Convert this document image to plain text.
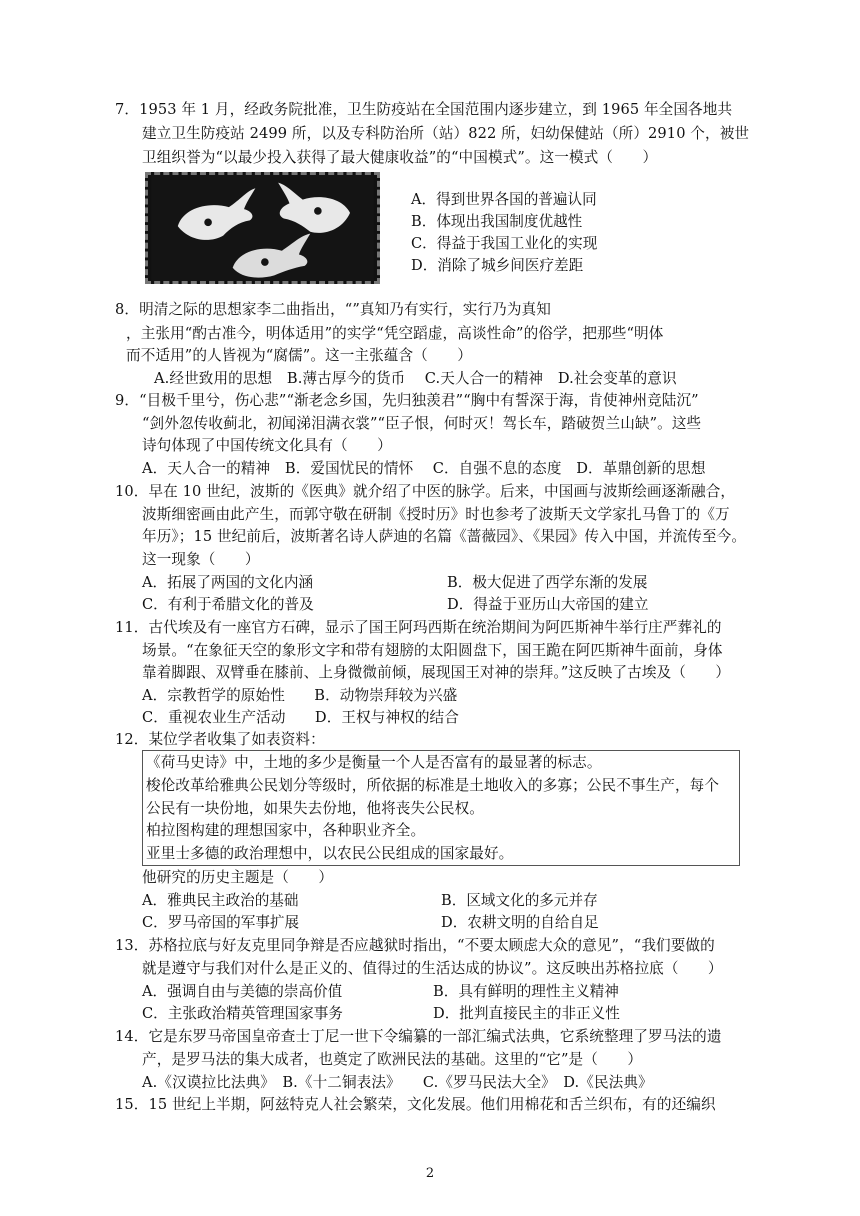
7．1953 年 1 月，经政务院批准，卫生防疫站在全国范围内逐步建立，到 1965 年全国各地共
建立卫生防疫站 2499 所，以及专科防治所（站）822 所，妇幼保健站（所）2910 个，被世
卫组织誉为“以最少投入获得了最大健康收益”的“中国模式”。这一模式（　　）
A．得到世界各国的普遍认同
B．体现出我国制度优越性
C．得益于我国工业化的实现
D．消除了城乡间医疗差距
8．明清之际的思想家李二曲指出，“”真知乃有实行，实行乃为真知
，主张用“酌古准今，明体适用”的实学“凭空蹈虚，高谈性命”的俗学，把那些“明体
而不适用”的人皆视为“腐儒”。这一主张蕴含（　　）
A.经世致用的思想　B.薄古厚今的货币　 C.天人合一的精神　D.社会变革的意识
9．“目极千里兮，伤心悲”“渐老念乡国，先归独羡君”“胸中有誓深于海，肯使神州竞陆沉”
“剑外忽传收蓟北，初闻涕泪满衣裳”“臣子恨，何时灭！驾长车，踏破贺兰山缺”。这些
诗句体现了中国传统文化具有（　　）
A．天人合一的精神　B．爱国忧民的情怀　 C．自强不息的态度　D．革鼎创新的思想
10．早在 10 世纪，波斯的《医典》就介绍了中医的脉学。后来，中国画与波斯绘画逐渐融合，
波斯细密画由此产生，而郭守敬在研制《授时历》时也参考了波斯天文学家扎马鲁丁的《万
年历》；15 世纪前后，波斯著名诗人萨迪的名篇《蔷薇园》、《果园》传入中国，并流传至今。
这一现象（　　）
A．拓展了两国的文化内涵	B．极大促进了西学东渐的发展
C．有利于希腊文化的普及	D．得益于亚历山大帝国的建立
11．古代埃及有一座官方石碑，显示了国王阿玛西斯在统治期间为阿匹斯神牛举行庄严葬礼的
场景。“在象征天空的象形文字和带有翅膀的太阳圆盘下，国王跪在阿匹斯神牛面前，身体
靠着脚跟、双臂垂在膝前、上身微微前倾，展现国王对神的崇拜。”这反映了古埃及（　　）
A．宗教哲学的原始性　　B．动物崇拜较为兴盛
C．重视农业生产活动　　D．王权与神权的结合
12．某位学者收集了如表资料：
《荷马史诗》中，土地的多少是衡量一个人是否富有的最显著的标志。
梭伦改革给雅典公民划分等级时，所依据的标准是土地收入的多寡；公民不事生产，每个
公民有一块份地，如果失去份地，他将丧失公民权。
柏拉图构建的理想国家中，各种职业齐全。
亚里士多德的政治理想中，以农民公民组成的国家最好。
他研究的历史主题是（　　）
A．雅典民主政治的基础	B．区域文化的多元并存
C．罗马帝国的军事扩展	D．农耕文明的自给自足
13．苏格拉底与好友克里同争辩是否应越狱时指出，“不要太顾虑大众的意见”，“我们要做的
就是遵守与我们对什么是正义的、值得过的生活达成的协议”。这反映出苏格拉底（　　）
A．强调自由与美德的崇高价值	B．具有鲜明的理性主义精神
C．主张政治精英管理国家事务	D．批判直接民主的非正义性
14．它是东罗马帝国皇帝查士丁尼一世下令编纂的一部汇编式法典，它系统整理了罗马法的遗
产，是罗马法的集大成者，也奠定了欧洲民法的基础。这里的“它”是（　　）
A.《汉谟拉比法典》　B.《十二铜表法》　　C.《罗马民法大全》　D.《民法典》
15．15 世纪上半期，阿兹特克人社会繁荣，文化发展。他们用棉花和舌兰织布，有的还编织
2
